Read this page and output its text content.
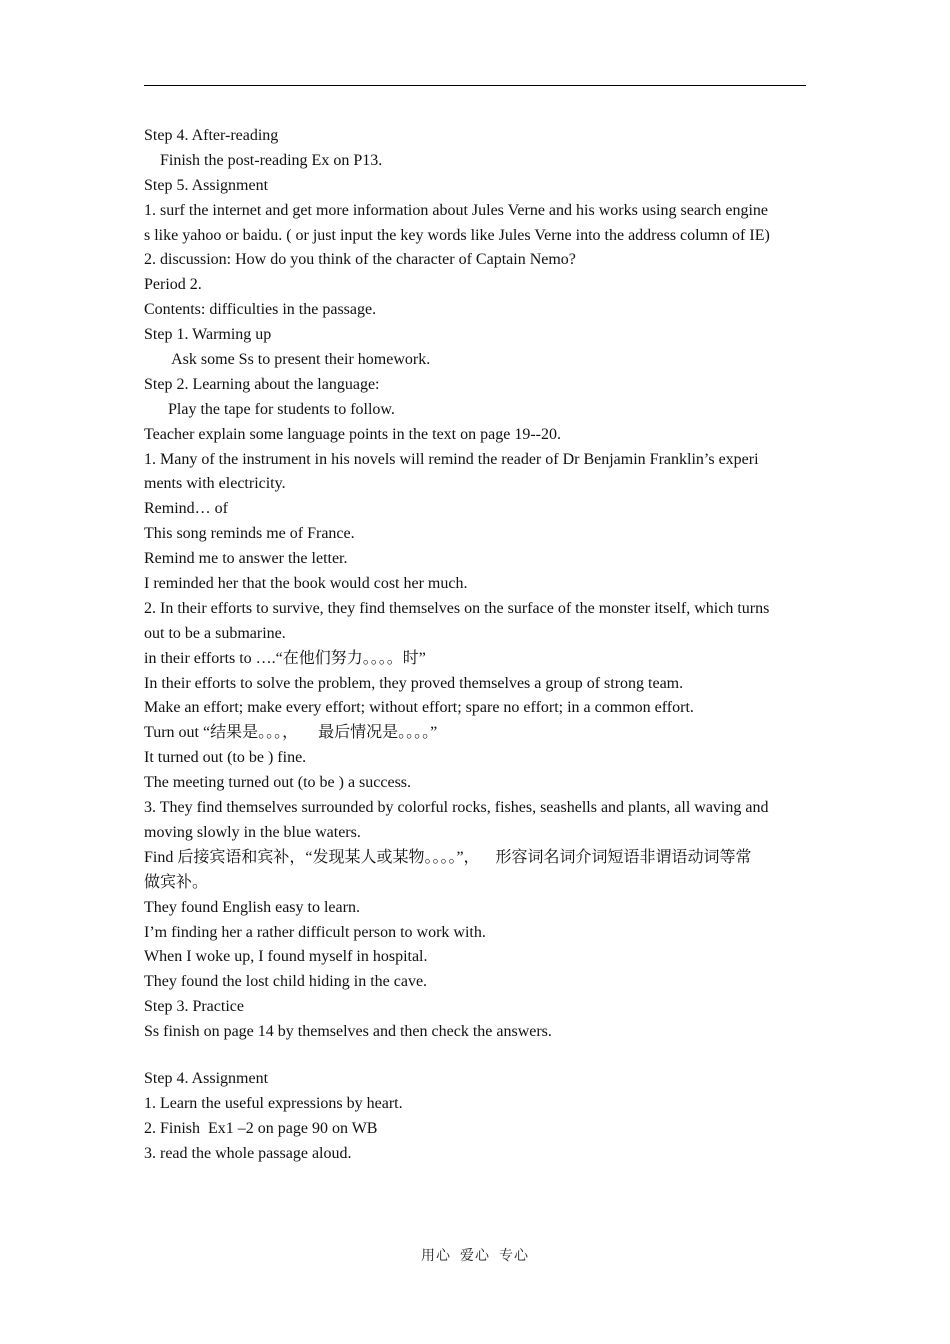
Step 4. After-reading
Finish the post-reading Ex on P13.
Step 5. Assignment
1. surf the internet and get more information about Jules Verne and his works using search engine
s like yahoo or baidu. ( or just input the key words like Jules Verne into the address column of IE)
2. discussion: How do you think of the character of Captain Nemo?
Period 2.
Contents: difficulties in the passage.
Step 1. Warming up
Ask some Ss to present their homework.
Step 2. Learning about the language:
Play the tape for students to follow.
Teacher explain some language points in the text on page 19--20.
1. Many of the instrument in his novels will remind the reader of Dr Benjamin Franklin’s experi
ments with electricity.
Remind… of
This song reminds me of France.
Remind me to answer the letter.
I reminded her that the book would cost her much.
2. In their efforts to survive, they find themselves on the surface of the monster itself, which turns
out to be a submarine.
in their efforts to ….“在他们努力。。。。时”
In their efforts to solve the problem, they proved themselves a group of strong team.
Make an effort; make every effort; without effort; spare no effort; in a common effort.
Turn out “结果是。。。，     最后情况是。。。。”
It turned out (to be ) fine.
The meeting turned out (to be ) a success.
3. They find themselves surrounded by colorful rocks, fishes, seashells and plants, all waving and
moving slowly in the blue waters.
Find 后接宾语和宾补，“发现某人或某物。。。。”，    形容词名词介词短语非谓语动词等常
做宾补。
They found English easy to learn.
I’m finding her a rather difficult person to work with.
When I woke up, I found myself in hospital.
They found the lost child hiding in the cave.
Step 3. Practice
Ss finish on page 14 by themselves and then check the answers.
Step 4. Assignment
1. Learn the useful expressions by heart.
2. Finish  Ex1 –2 on page 90 on WB
3. read the whole passage aloud.
用心  爱心  专心
